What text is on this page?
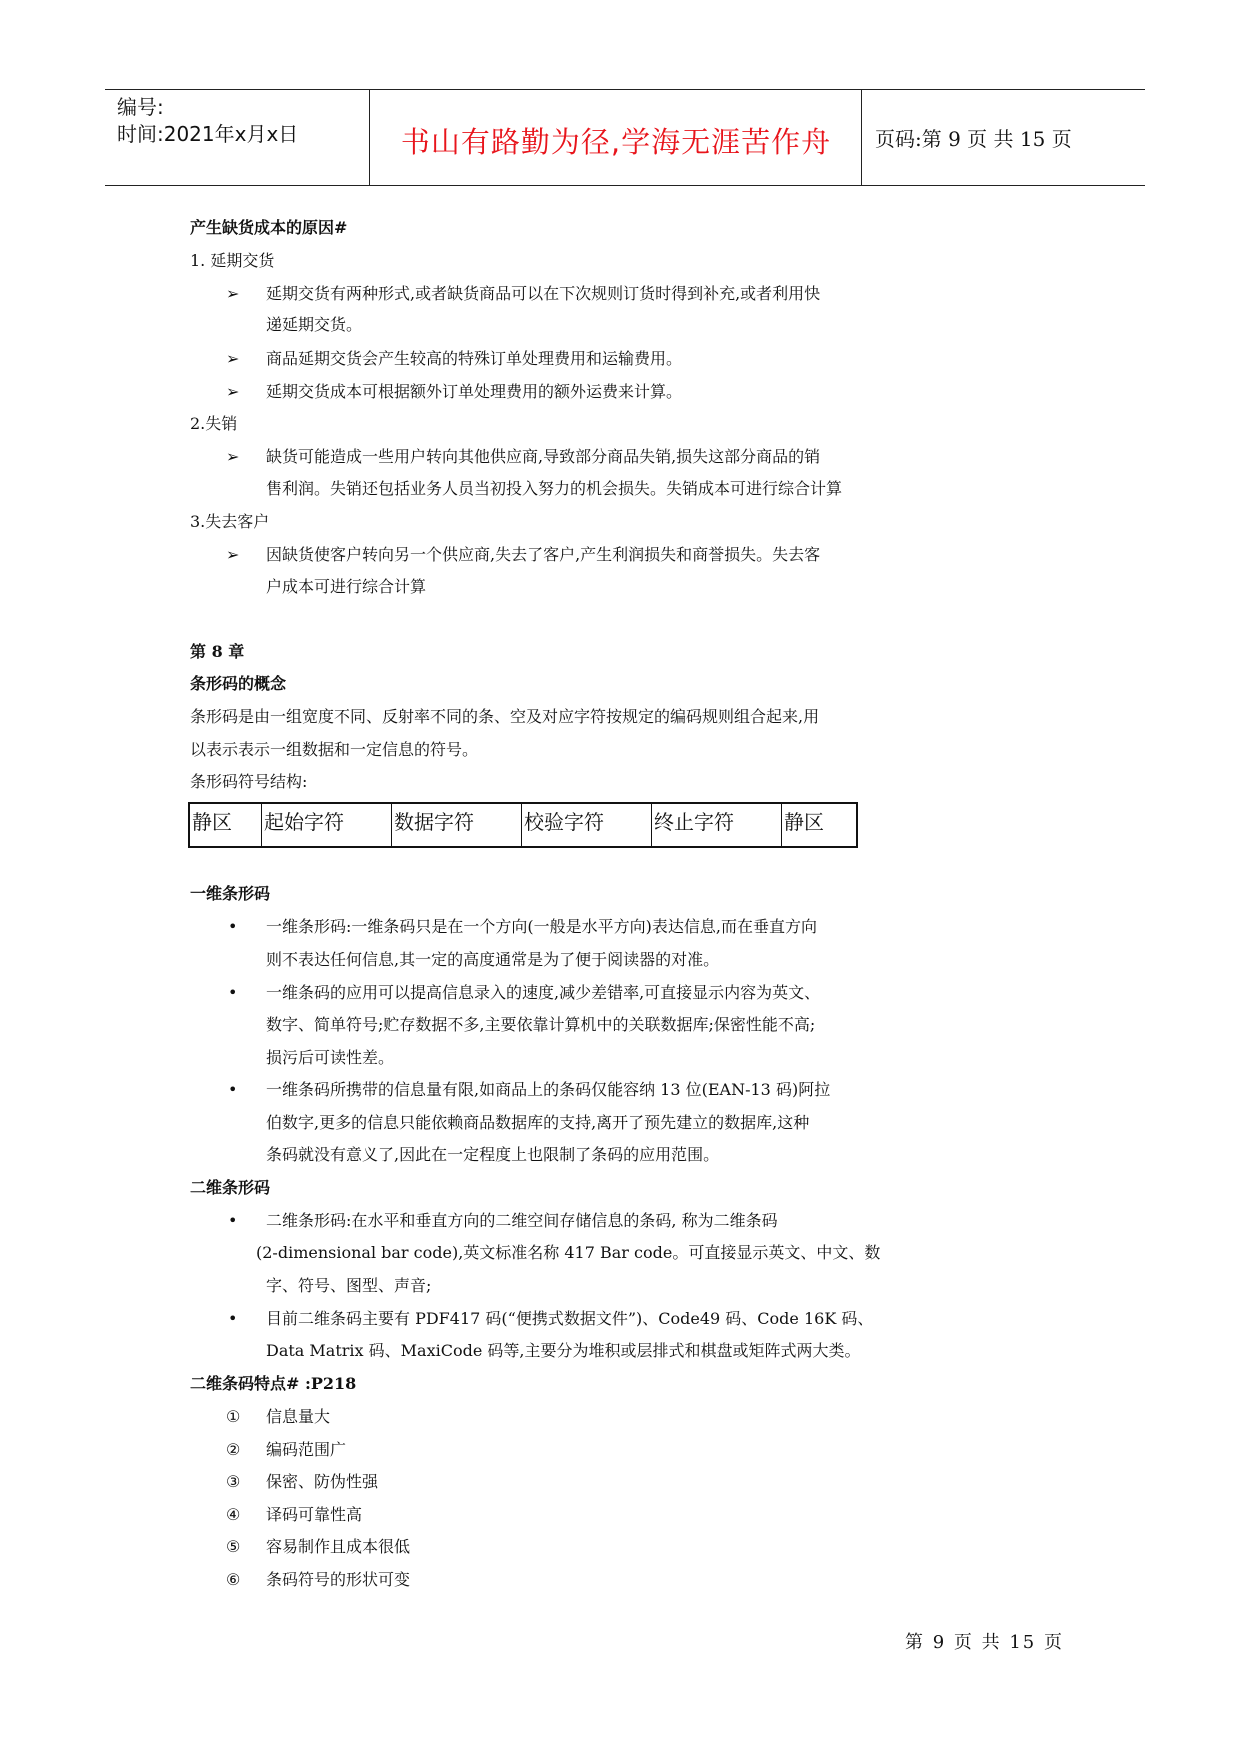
编号:
时间:2021年x月x日	书山有路勤为径,学海无涯苦作舟	页码:第 9 页 共 15 页
产生缺货成本的原因#
1. 延期交货
➢ 延期交货有两种形式,或者缺货商品可以在下次规则订货时得到补充,或者利用快
递延期交货。
➢ 商品延期交货会产生较高的特殊订单处理费用和运输费用。
➢ 延期交货成本可根据额外订单处理费用的额外运费来计算。
2.失销
➢ 缺货可能造成一些用户转向其他供应商,导致部分商品失销,损失这部分商品的销
售利润。失销还包括业务人员当初投入努力的机会损失。失销成本可进行综合计算
3.失去客户
➢ 因缺货使客户转向另一个供应商,失去了客户,产生利润损失和商誉损失。失去客
户成本可进行综合计算
第 8 章
条形码的概念
条形码是由一组宽度不同、反射率不同的条、空及对应字符按规定的编码规则组合起来,用
以表示表示一组数据和一定信息的符号。
条形码符号结构:
静区	起始字符	数据字符	校验字符	终止字符	静区
一维条形码
• 一维条形码:一维条码只是在一个方向(一般是水平方向)表达信息,而在垂直方向
则不表达任何信息,其一定的高度通常是为了便于阅读器的对准。
• 一维条码的应用可以提高信息录入的速度,减少差错率,可直接显示内容为英文、
数字、简单符号;贮存数据不多,主要依靠计算机中的关联数据库;保密性能不高;
损污后可读性差。
• 一维条码所携带的信息量有限,如商品上的条码仅能容纳 13 位(EAN-13 码)阿拉
伯数字,更多的信息只能依赖商品数据库的支持,离开了预先建立的数据库,这种
条码就没有意义了,因此在一定程度上也限制了条码的应用范围。
二维条形码
• 二维条形码:在水平和垂直方向的二维空间存储信息的条码, 称为二维条码
(2-dimensional bar code),英文标准名称 417 Bar code。可直接显示英文、中文、数
字、符号、图型、声音;
• 目前二维条码主要有 PDF417 码(“便携式数据文件”)、Code49 码、Code 16K 码、
Data Matrix 码、MaxiCode 码等,主要分为堆积或层排式和棋盘或矩阵式两大类。
二维条码特点# :P218
① 信息量大
② 编码范围广
③ 保密、防伪性强
④ 译码可靠性高
⑤ 容易制作且成本很低
⑥ 条码符号的形状可变
第 9 页 共 15 页
